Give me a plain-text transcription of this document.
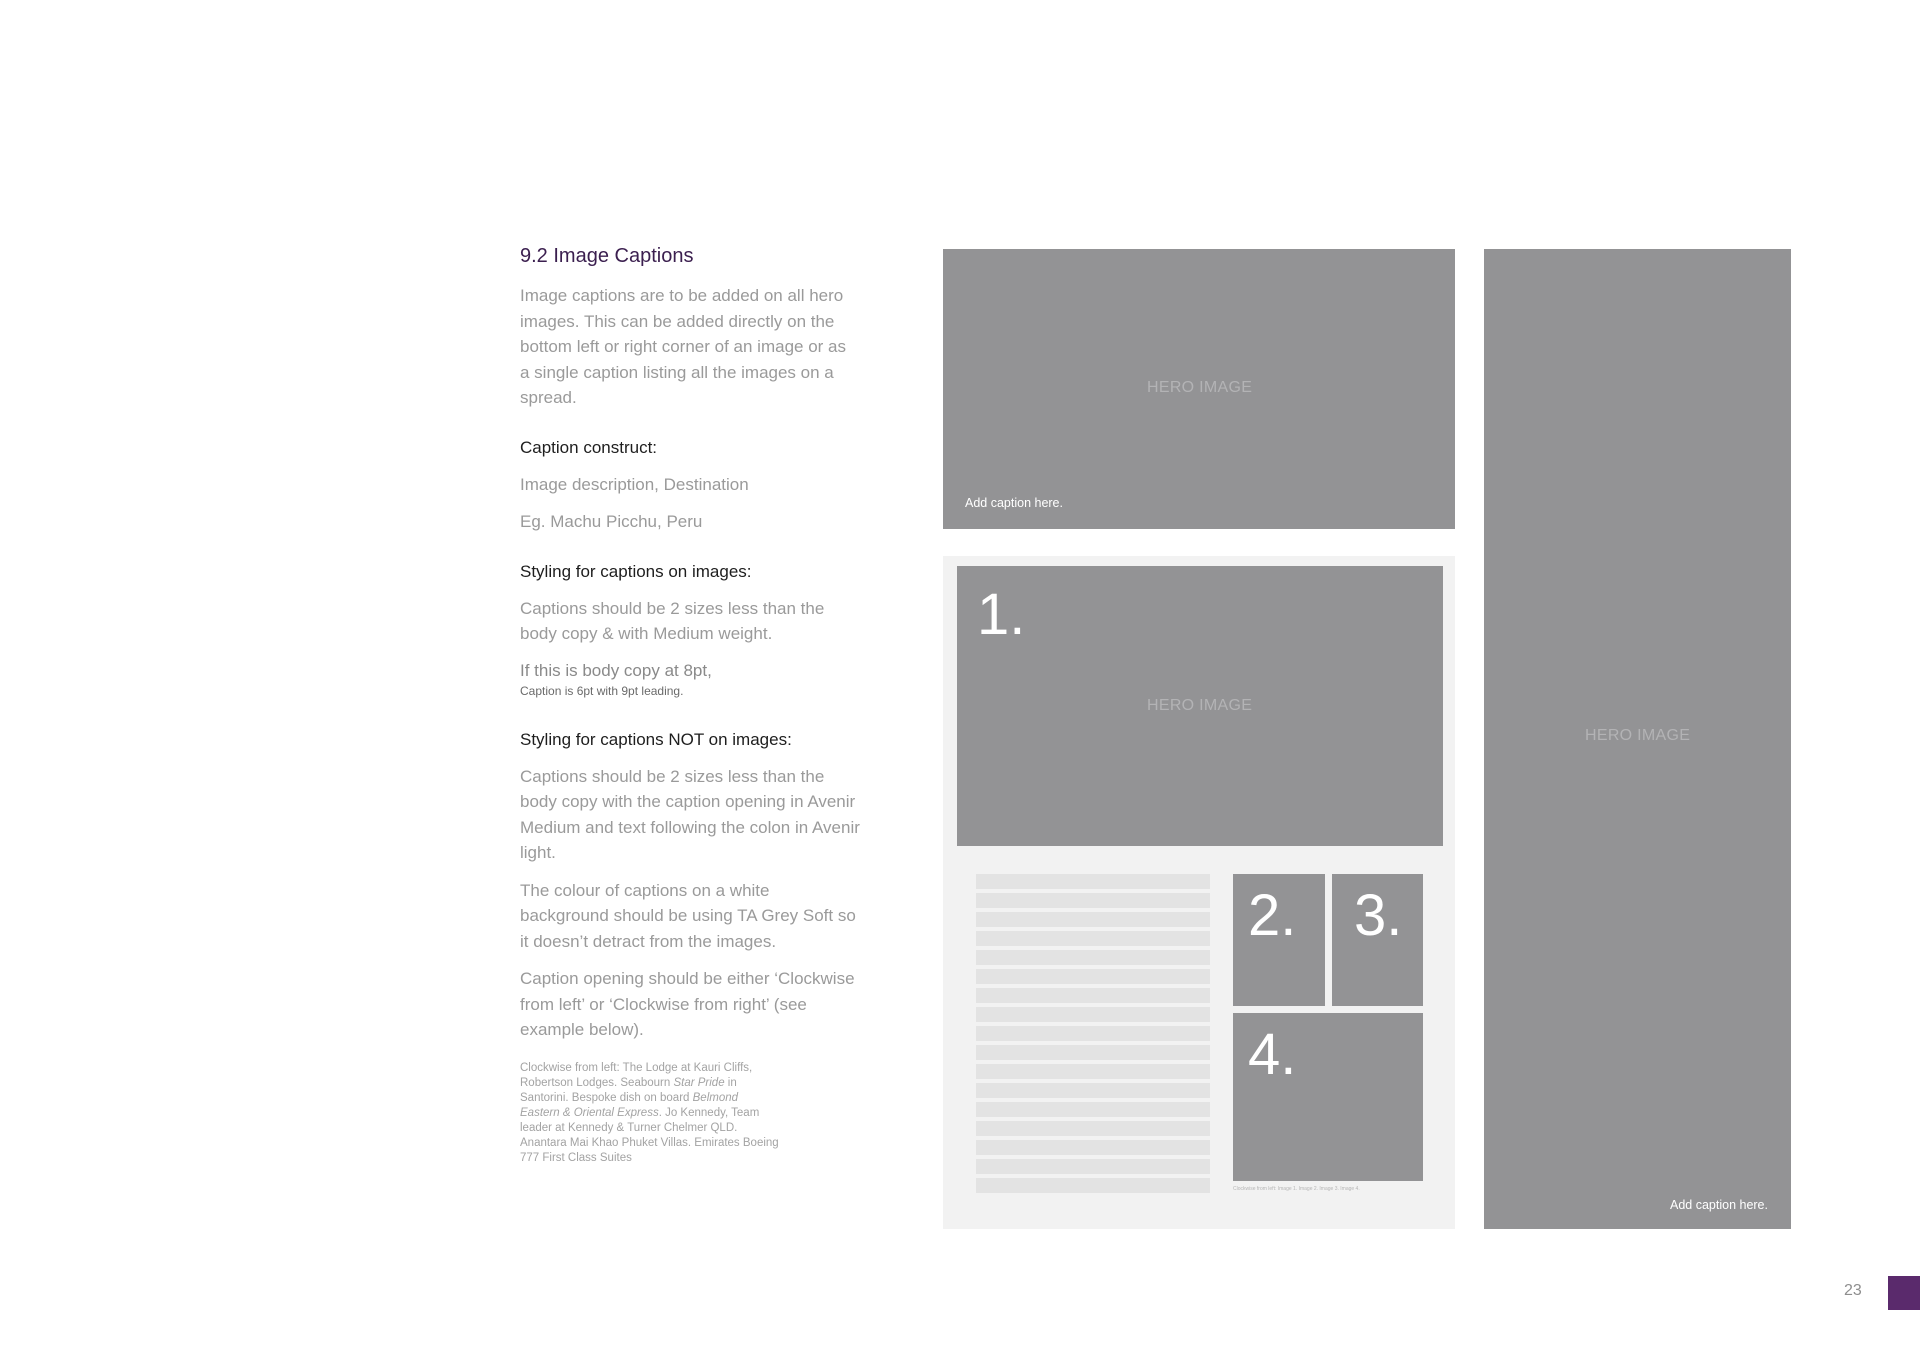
9.2 Image Captions
Image captions are to be added on all hero images. This can be added directly on the bottom left or right corner of an image or as a single caption listing all the images on a spread.
Caption construct:
Image description, Destination
Eg. Machu Picchu, Peru
Styling for captions on images:
Captions should be 2 sizes less than the body copy & with Medium weight.
If this is body copy at 8pt,
Caption is 6pt with 9pt leading.
Styling for captions NOT on images:
Captions should be 2 sizes less than the body copy with the caption opening in Avenir Medium and text following the colon in Avenir light.
The colour of captions on a white background should be using TA Grey Soft so it doesn’t detract from the images.
Caption opening should be either ‘Clockwise from left’ or ‘Clockwise from right’ (see example below).
Clockwise from left: The Lodge at Kauri Cliffs, Robertson Lodges. Seabourn Star Pride in Santorini. Bespoke dish on board Belmond Eastern & Oriental Express. Jo Kennedy, Team leader at Kennedy & Turner Chelmer QLD. Anantara Mai Khao Phuket Villas. Emirates Boeing 777 First Class Suites
HERO IMAGE
Add caption here.
1.
HERO IMAGE
2. 3.
4.
Clockwise from left: Image 1. Image 2. Image 3. Image 4.
HERO IMAGE
Add caption here.
23
